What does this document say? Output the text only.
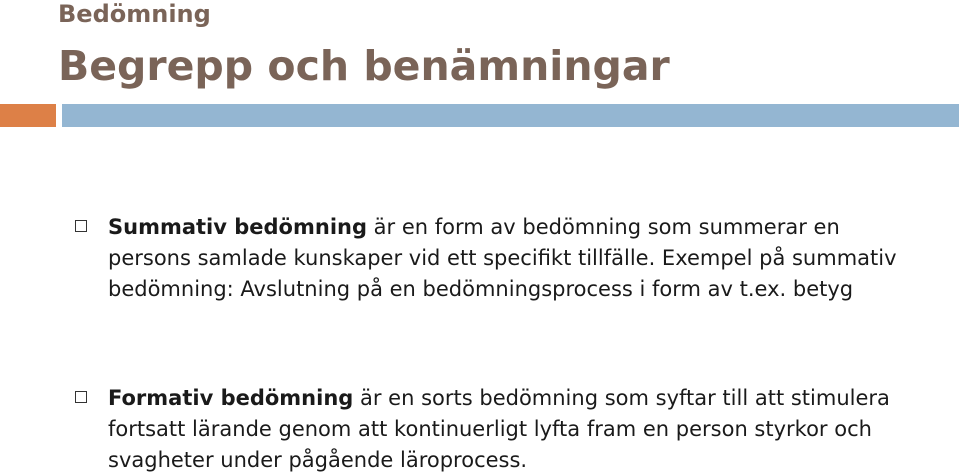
Bedömning
Begrepp och benämningar
Summativ bedömning är en form av bedömning som summerar en persons samlade kunskaper vid ett specifikt tillfälle. Exempel på summativ bedömning: Avslutning på en bedömningsprocess i form av t.ex. betyg
Formativ bedömning är en sorts bedömning som syftar till att stimulera fortsatt lärande genom att kontinuerligt lyfta fram en person styrkor och svagheter under pågående läroprocess.
